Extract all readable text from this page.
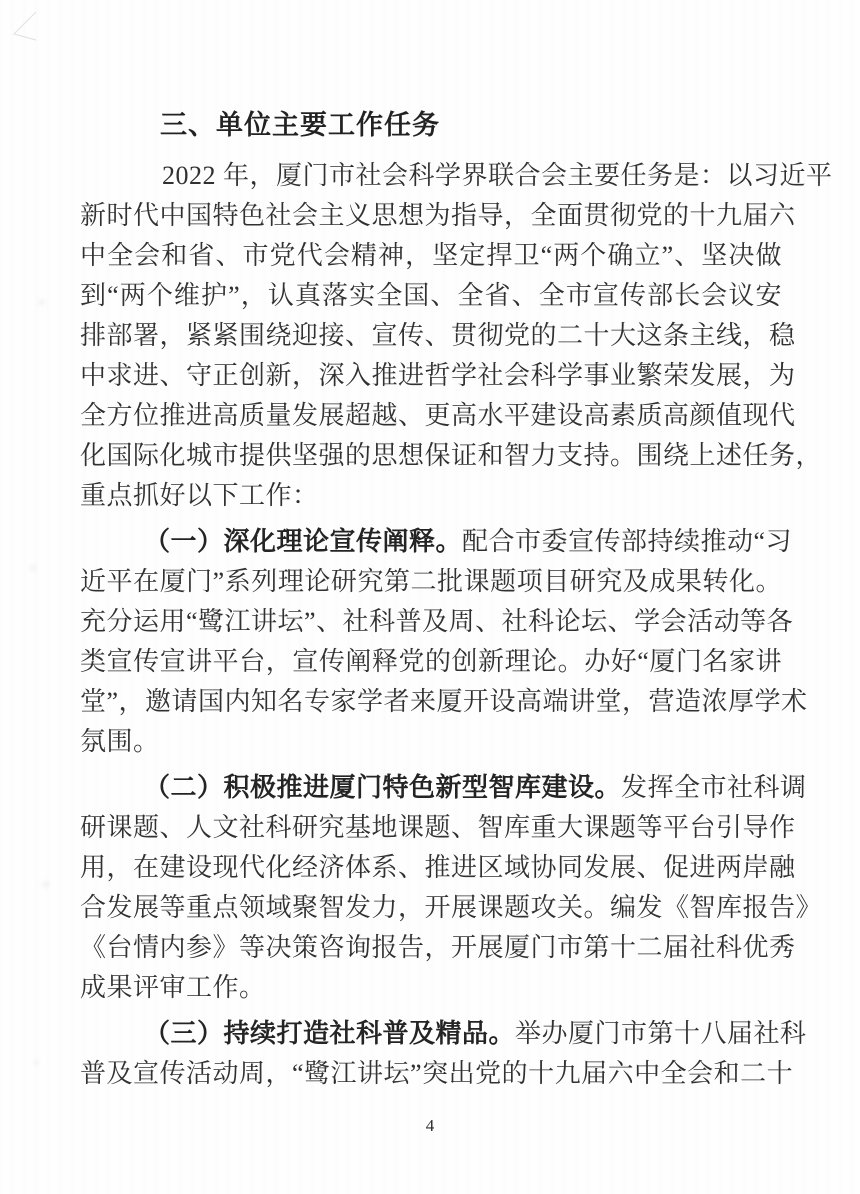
三、单位主要工作任务
2022 年，厦门市社会科学界联合会主要任务是：以习近平
新时代中国特色社会主义思想为指导，全面贯彻党的十九届六
中全会和省、市党代会精神，坚定捍卫“两个确立”、坚决做
到“两个维护”，认真落实全国、全省、全市宣传部长会议安
排部署，紧紧围绕迎接、宣传、贯彻党的二十大这条主线，稳
中求进、守正创新，深入推进哲学社会科学事业繁荣发展，为
全方位推进高质量发展超越、更高水平建设高素质高颜值现代
化国际化城市提供坚强的思想保证和智力支持。围绕上述任务，
重点抓好以下工作：
（一）深化理论宣传阐释。配合市委宣传部持续推动“习
近平在厦门”系列理论研究第二批课题项目研究及成果转化。
充分运用“鹭江讲坛”、社科普及周、社科论坛、学会活动等各
类宣传宣讲平台，宣传阐释党的创新理论。办好“厦门名家讲
堂”，邀请国内知名专家学者来厦开设高端讲堂，营造浓厚学术
氛围。
（二）积极推进厦门特色新型智库建设。发挥全市社科调
研课题、人文社科研究基地课题、智库重大课题等平台引导作
用，在建设现代化经济体系、推进区域协同发展、促进两岸融
合发展等重点领域聚智发力，开展课题攻关。编发《智库报告》
《台情内参》等决策咨询报告，开展厦门市第十二届社科优秀
成果评审工作。
（三）持续打造社科普及精品。举办厦门市第十八届社科
普及宣传活动周，“鹭江讲坛”突出党的十九届六中全会和二十
4
